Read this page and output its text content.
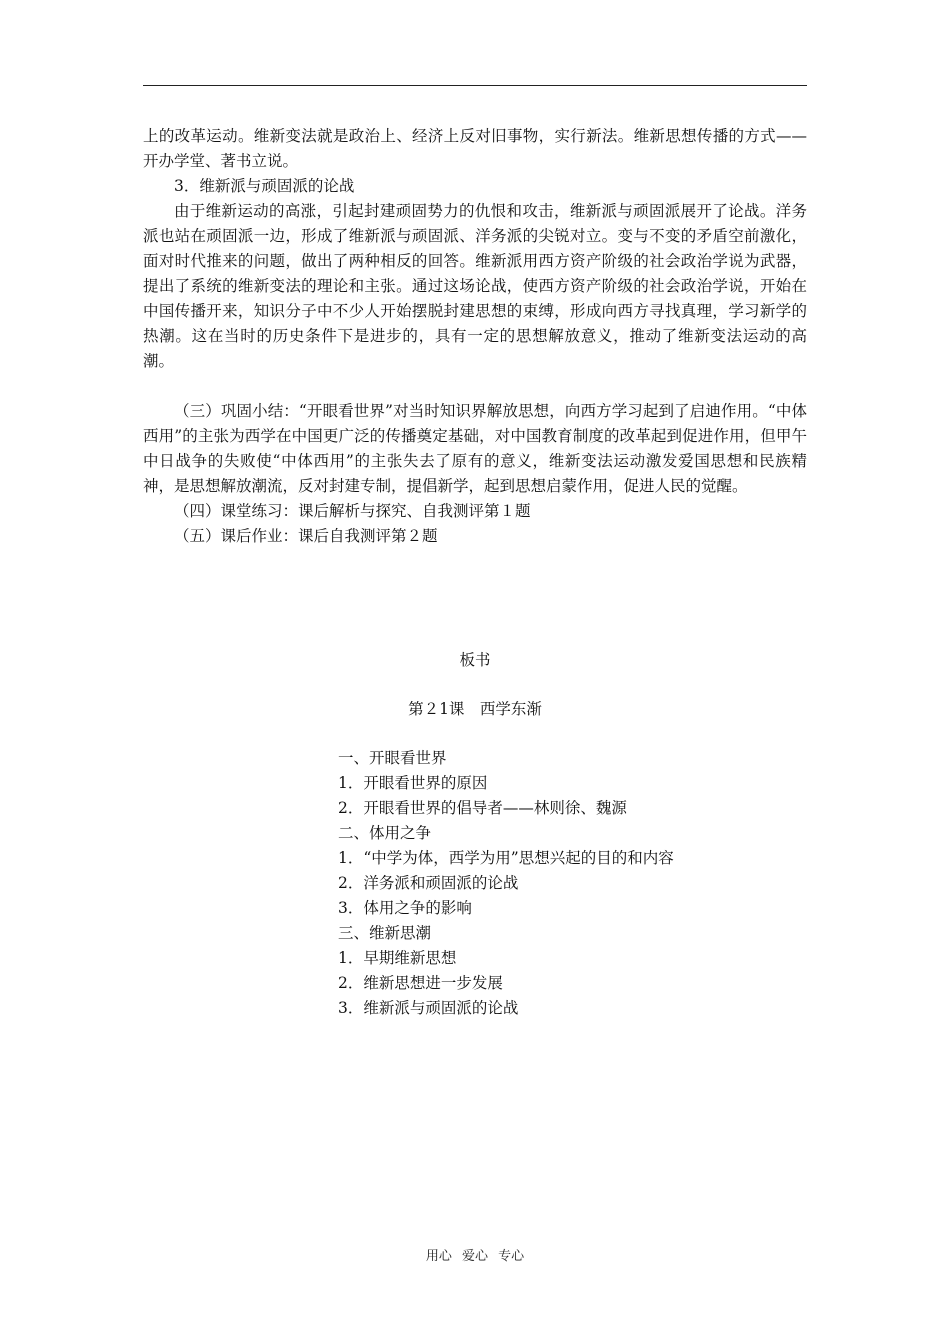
上的改革运动。维新变法就是政治上、经济上反对旧事物，实行新法。维新思想传播的方式——开办学堂、著书立说。

3．维新派与顽固派的论战

由于维新运动的高涨，引起封建顽固势力的仇恨和攻击，维新派与顽固派展开了论战。洋务派也站在顽固派一边，形成了维新派与顽固派、洋务派的尖锐对立。变与不变的矛盾空前激化，面对时代推来的问题，做出了两种相反的回答。维新派用西方资产阶级的社会政治学说为武器，提出了系统的维新变法的理论和主张。通过这场论战，使西方资产阶级的社会政治学说，开始在中国传播开来，知识分子中不少人开始摆脱封建思想的束缚，形成向西方寻找真理，学习新学的热潮。这在当时的历史条件下是进步的，具有一定的思想解放意义，推动了维新变法运动的高潮。

（三）巩固小结：“开眼看世界”对当时知识界解放思想，向西方学习起到了启迪作用。“中体西用”的主张为西学在中国更广泛的传播奠定基础，对中国教育制度的改革起到促进作用，但甲午中日战争的失败使“中体西用”的主张失去了原有的意义，维新变法运动激发爱国思想和民族精神，是思想解放潮流，反对封建专制，提倡新学，起到思想启蒙作用，促进人民的觉醒。

（四）课堂练习：课后解析与探究、自我测评第１题

（五）课后作业：课后自我测评第２题

板书

第２1课　西学东渐

一、开眼看世界
1．开眼看世界的原因
2．开眼看世界的倡导者——林则徐、魏源
二、体用之争
1．“中学为体，西学为用”思想兴起的目的和内容
2．洋务派和顽固派的论战
3．体用之争的影响
三、维新思潮
1．早期维新思想
2．维新思想进一步发展
3．维新派与顽固派的论战
用心 爱心 专心
